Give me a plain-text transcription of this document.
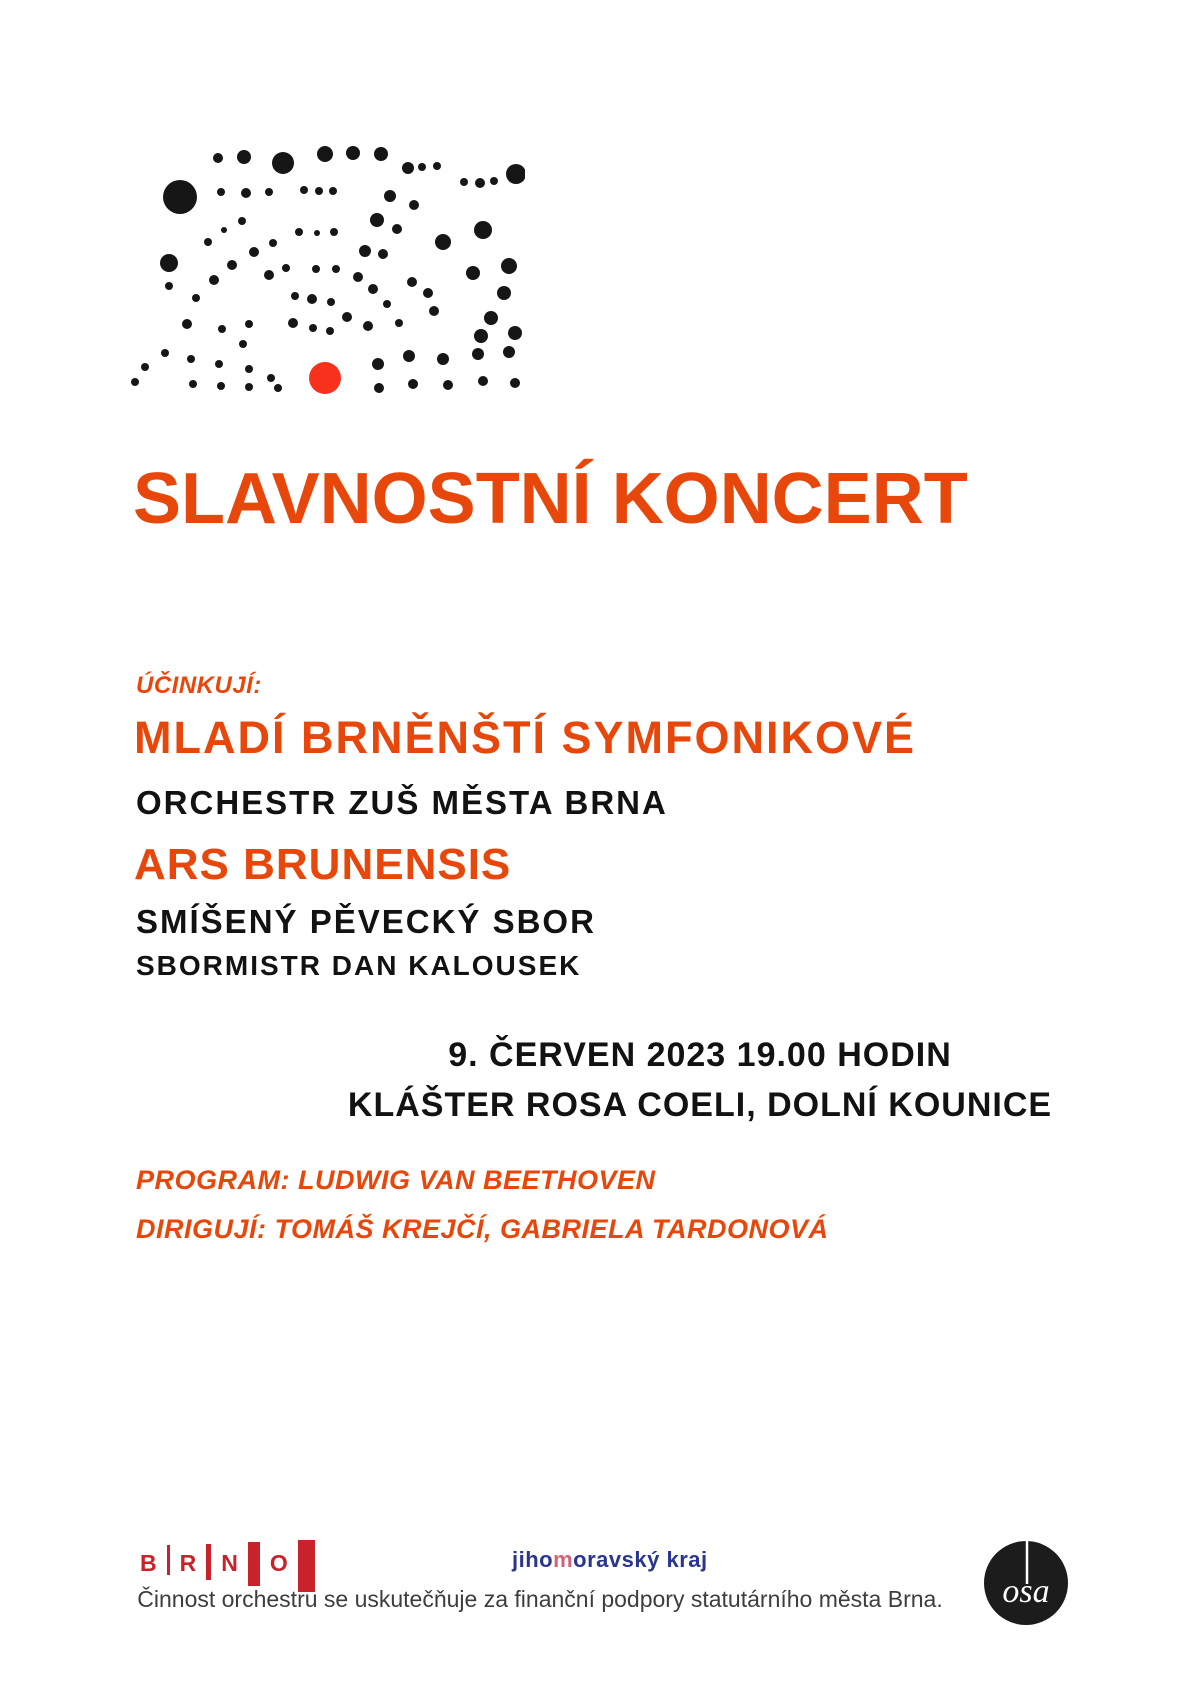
SLAVNOSTNÍ KONCERT
ÚČINKUJÍ:
MLADÍ BRNĚNŠTÍ SYMFONIKOVÉ
ORCHESTR ZUŠ MĚSTA BRNA
ARS BRUNENSIS
SMÍŠENÝ PĚVECKÝ SBOR
SBORMISTR DAN KALOUSEK
9. ČERVEN 2023 19.00 HODIN
KLÁŠTER ROSA COELI, DOLNÍ KOUNICE
PROGRAM: LUDWIG VAN BEETHOVEN
DIRIGUJÍ: TOMÁŠ KREJČÍ, GABRIELA TARDONOVÁ
B R N O	jihomoravský kraj
Činnost orchestru se uskutečňuje za finanční podpory statutárního města Brna.	osa
